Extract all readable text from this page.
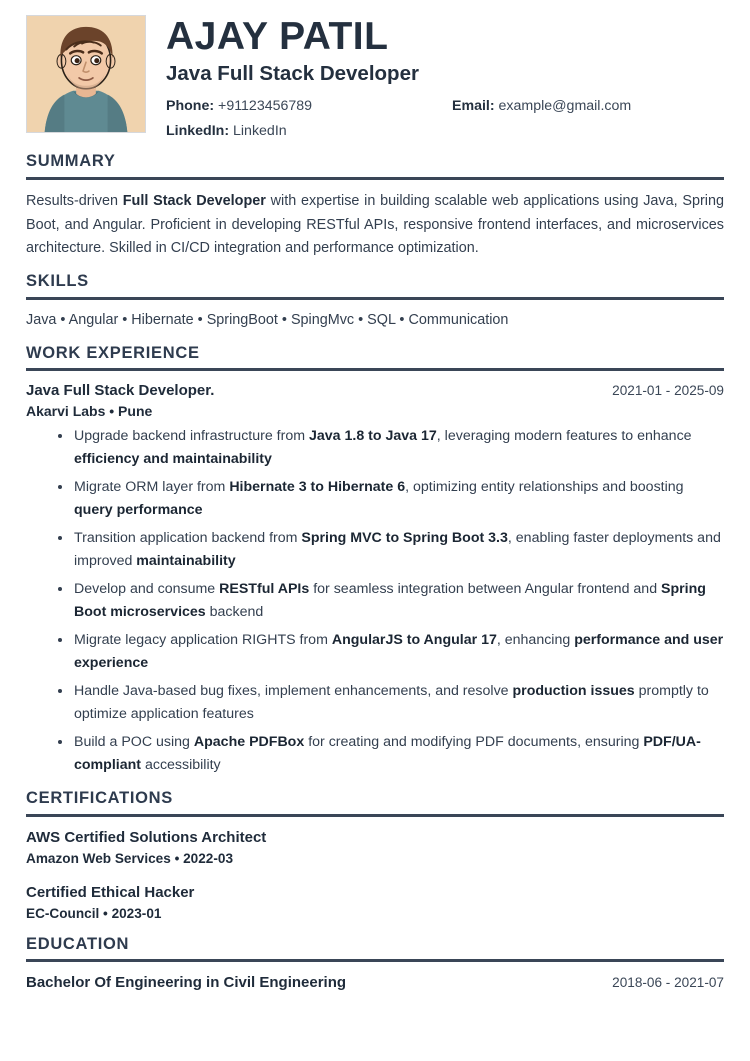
AJAY PATIL
Java Full Stack Developer
Phone: +91123456789	Email: example@gmail.com
LinkedIn: LinkedIn
SUMMARY

Results-driven Full Stack Developer with expertise in building scalable web applications using Java, Spring Boot, and Angular. Proficient in developing RESTful APIs, responsive frontend interfaces, and microservices architecture. Skilled in CI/CD integration and performance optimization.

SKILLS

Java • Angular • Hibernate • SpringBoot • SpingMvc • SQL • Communication

WORK EXPERIENCE
Java Full Stack Developer.	2021-01 - 2025-09
Akarvi Labs • Pune
Upgrade backend infrastructure from Java 1.8 to Java 17, leveraging modern features to enhance efficiency and maintainability
Migrate ORM layer from Hibernate 3 to Hibernate 6, optimizing entity relationships and boosting query performance
Transition application backend from Spring MVC to Spring Boot 3.3, enabling faster deployments and improved maintainability
Develop and consume RESTful APIs for seamless integration between Angular frontend and Spring Boot microservices backend
Migrate legacy application RIGHTS from AngularJS to Angular 17, enhancing performance and user experience
Handle Java-based bug fixes, implement enhancements, and resolve production issues promptly to optimize application features
Build a POC using Apache PDFBox for creating and modifying PDF documents, ensuring PDF/UA-compliant accessibility
CERTIFICATIONS
AWS Certified Solutions Architect
Amazon Web Services • 2022-03
Certified Ethical Hacker
EC-Council • 2023-01
EDUCATION
Bachelor Of Engineering in Civil Engineering	2018-06 - 2021-07
